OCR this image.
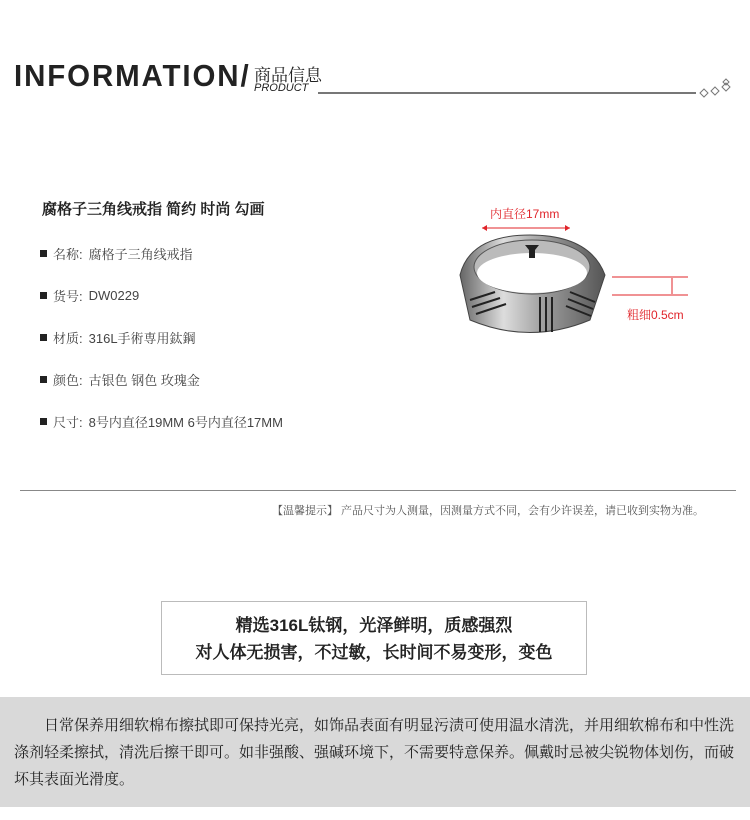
INFORMATION/ 商品信息
PRODUCT
腐格子三角线戒指 简约 时尚 勾画
名称: 腐格子三角线戒指
货号: DW0229
材质: 316L手術専用鈦鋼
颜色: 古银色 钢色 玫瑰金
尺寸: 8号内直径19MM 6号内直径17MM
内直径17mm
粗细0.5cm
【温馨提示】 产品尺寸为人测量，因测量方式不同，会有少许误差，请已收到实物为准。
精选316L钛钢，光泽鲜明，质感强烈
对人体无损害，不过敏，长时间不易变形，变色

日常保养用细软棉布擦拭即可保持光亮，如饰品表面有明显污渍可使用温水清洗，并用细软棉布和中性洗涤剂轻柔擦拭，清洗后擦干即可。如非强酸、强碱环境下，不需要特意保养。佩戴时忌被尖锐物体划伤，而破坏其表面光滑度。
